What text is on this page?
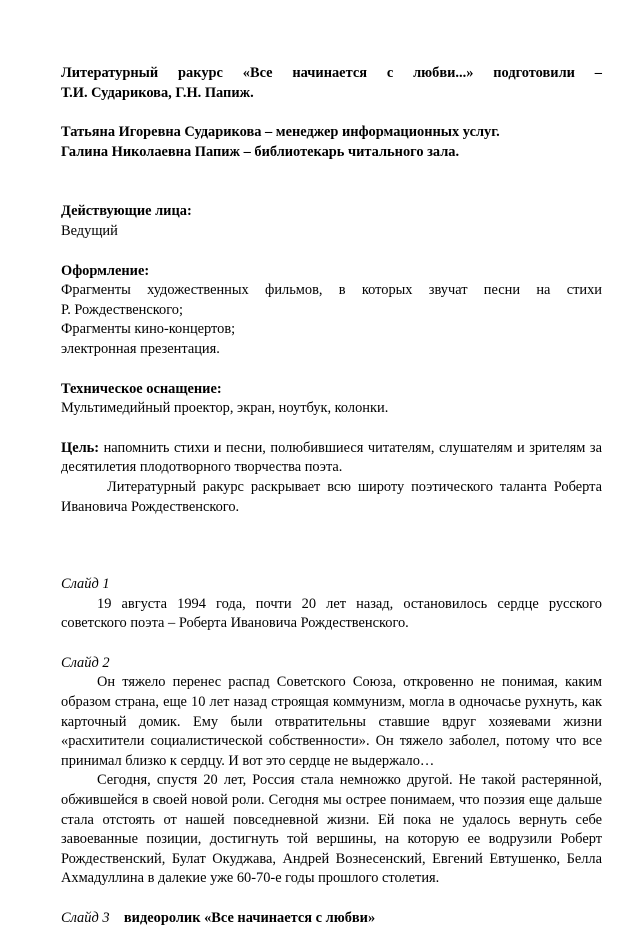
Литературный ракурс «Все начинается с любви...» подготовили –

Т.И. Сударикова, Г.Н. Папиж.

Татьяна Игоревна Сударикова – менеджер информационных услуг.

Галина Николаевна Папиж – библиотекарь читального зала.

Действующие лица:

Ведущий

Оформление:

Фрагменты художественных фильмов, в которых звучат песни на стихи

Р. Рождественского;

Фрагменты кино-концертов;

электронная презентация.

Техническое оснащение:

Мультимедийный проектор, экран, ноутбук, колонки.

Цель: напомнить стихи и песни, полюбившиеся читателям, слушателям и зрителям за десятилетия плодотворного творчества поэта.

Литературный ракурс раскрывает всю широту поэтического таланта Роберта Ивановича Рождественского.

Слайд 1

19 августа 1994 года, почти 20 лет назад, остановилось сердце русского советского поэта – Роберта Ивановича Рождественского.

Слайд 2

Он тяжело перенес распад Советского Союза, откровенно не понимая, каким образом страна, еще 10 лет назад строящая коммунизм, могла в одночасье рухнуть, как карточный домик. Ему были отвратительны ставшие вдруг хозяевами жизни «расхитители социалистической собственности». Он тяжело заболел, потому что все принимал близко к сердцу. И вот это сердце не выдержало…

Сегодня, спустя 20 лет, Россия стала немножко другой. Не такой растерянной, обжившейся в своей новой роли. Сегодня мы острее понимаем, что поэзия еще дальше стала отстоять от нашей повседневной жизни. Ей пока не удалось вернуть себе завоеванные позиции, достигнуть той вершины, на которую ее водрузили Роберт Рождественский, Булат Окуджава, Андрей Вознесенский, Евгений Евтушенко, Белла Ахмадуллина в далекие уже 60-70-е годы прошлого столетия.

Слайд 3 видеоролик «Все начинается с любви»
